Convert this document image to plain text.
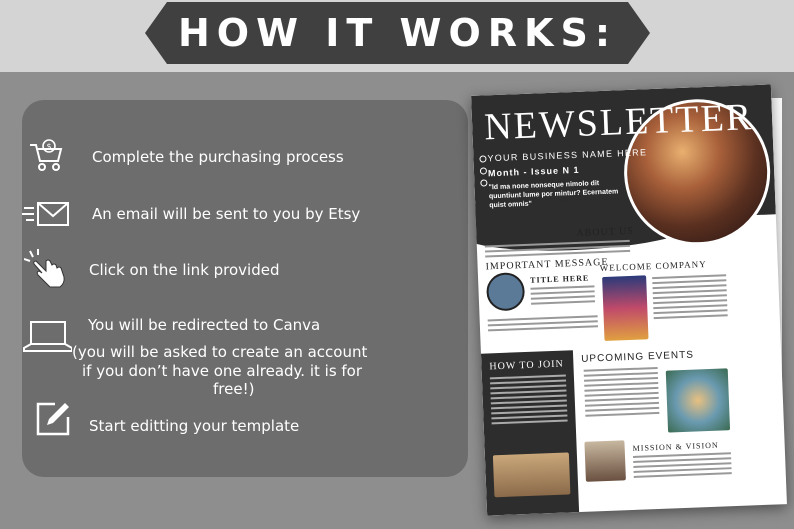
HOW IT WORKS:
$
Complete the purchasing process
An email will be sent to you by Etsy
Click on the link provided
You will be redirected to Canva
(you will be asked to create an account
if you don’t have one already. it is for
free!)
Start editting your template
NEWSLETTER
YOUR BUSINESS NAME HERE
Month - Issue N 1
"Id ma none nonseque nimolo dit quuntiunt lume por mintur? Ecernatem quist omnis"
ABOUT US
IMPORTANT MESSAGE
TITLE HERE
WELCOME COMPANY
HOW TO JOIN
UPCOMING EVENTS
MISSION & VISION
